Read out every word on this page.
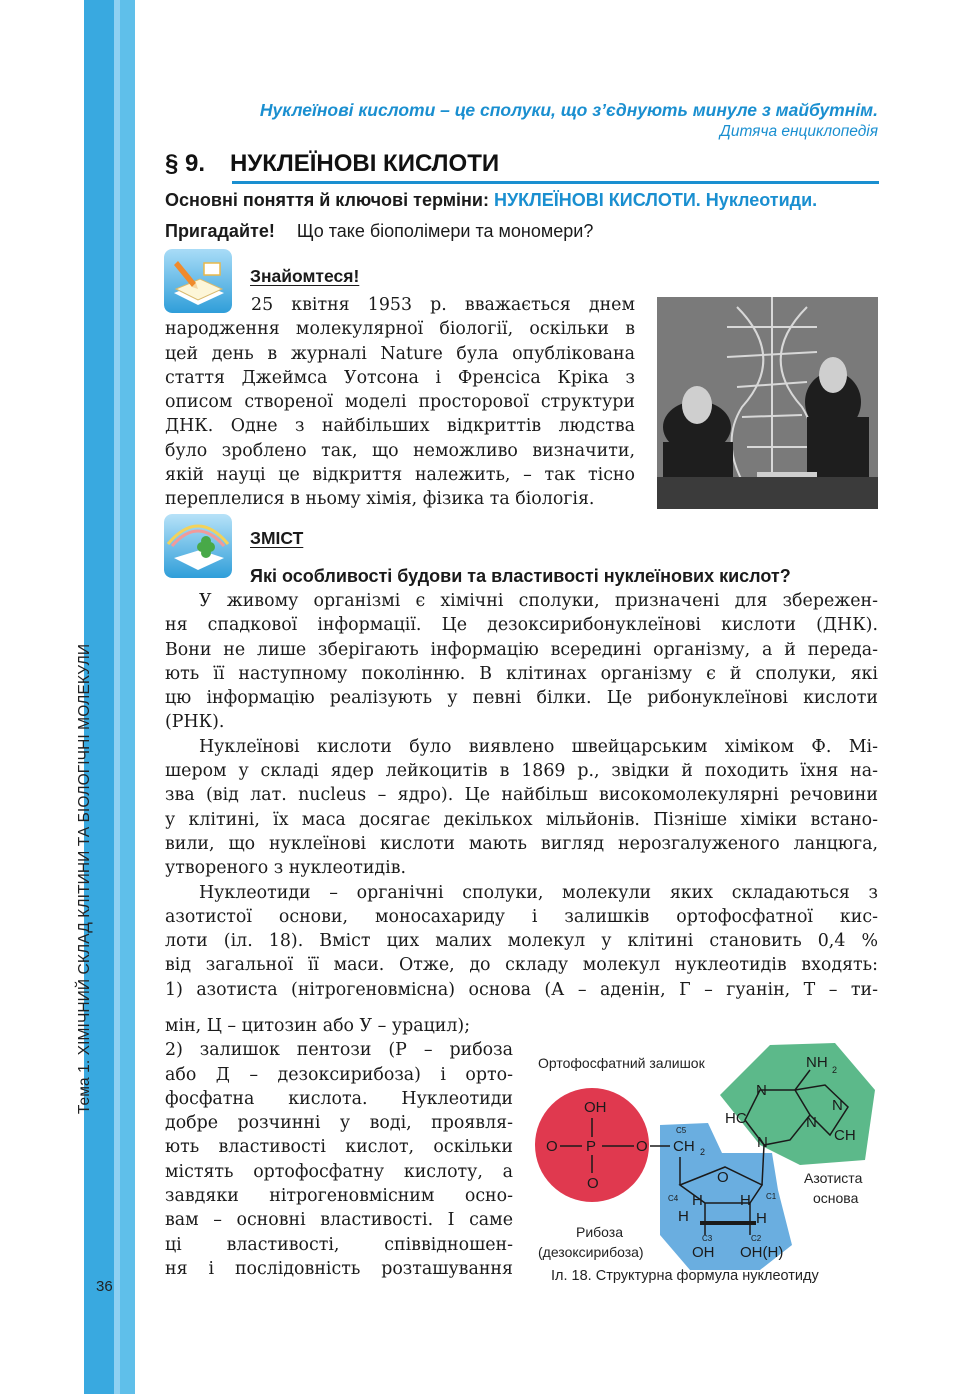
Тема 1. ХІМІЧНИЙ СКЛАД КЛІТИНИ ТА БІОЛОГІЧНІ МОЛЕКУЛИ
36
Нуклеїнові кислоти – це сполуки, що з’єднують минуле з майбутнім.
Дитяча енциклопедія
§ 9. НУКЛЕЇНОВІ КИСЛОТИ
Основні поняття й ключові терміни: НУКЛЕЇНОВІ КИСЛОТИ. Нуклеотиди.
Пригадайте! Що таке біополімери та мономери?
Знайомтеся!
25 квітня 1953 р. вважається днем
народження молекулярної біології, оскільки в
цей день в журналі Nature була опублікована
стаття Джеймса Уотсона і Френсіса Кріка з
описом створеної моделі просторової структури
ДНК. Одне з найбільших відкриттів людства
було зроблено так, що неможливо визначити,
якій науці це відкриття належить, – так тісно
переплелися в ньому хімія, фізика та біологія.
ЗМІСТ
Які особливості будови та властивості нуклеїнових кислот?
У живому організмі є хімічні сполуки, призначені для збережен-
ня спадкової інформації. Це дезоксирибонуклеїнові кислоти (ДНК).
Вони не лише зберігають інформацію всередині організму, а й переда-
ють її наступному поколінню. В клітинах організму є й сполуки, які
цю інформацію реалізують у певні білки. Це рибонуклеїнові кислоти
(РНК).
Нуклеїнові кислоти було виявлено швейцарським хіміком Ф. Мі-
шером у складі ядер лейкоцитів в 1869 р., звідки й походить їхня на-
зва (від лат. nucleus – ядро). Це найбільш високомолекулярні речовини
у клітині, їх маса досягає декількох мільйонів. Пізніше хіміки встано-
вили, що нуклеїнові кислоти мають вигляд нерозгалуженого ланцюга,
утвореного з нуклеотидів.
Нуклеотиди – органічні сполуки, молекули яких складаються з
азотистої основи, моносахариду і залишків ортофосфатної кис-
лоти (іл. 18). Вміст цих малих молекул у клітині становить 0,4 %
від загальної її маси. Отже, до складу молекул нуклеотидів входять:
1) азотиста (нітрогеновмісна) основа (А – аденін, Г – гуанін, Т – ти-
мін, Ц – цитозин або У – урацил);
2) залишок пентози (Р – рибоза
або Д – дезоксирибоза) і орто-
фосфатна кислота. Нуклеотиди
добре розчинні у воді, проявля-
ють властивості кислот, оскільки
містять ортофосфатну кислоту, а
завдяки нітрогеновмісним осно-
вам – основні властивості. І саме
ці властивості, співвідношен-
ня і послідовність розташування
Ортофосфатний залишок
OH
O P	O
O
C5
CH 2
O
C4	C1
H H
H	H
C3	C2
OH OH(H)
N
HC
N
N
N
CH
NH 2
Азотиста
основа
Рибоза
(дезоксирибоза)
Іл. 18. Структурна формула нуклеотиду
